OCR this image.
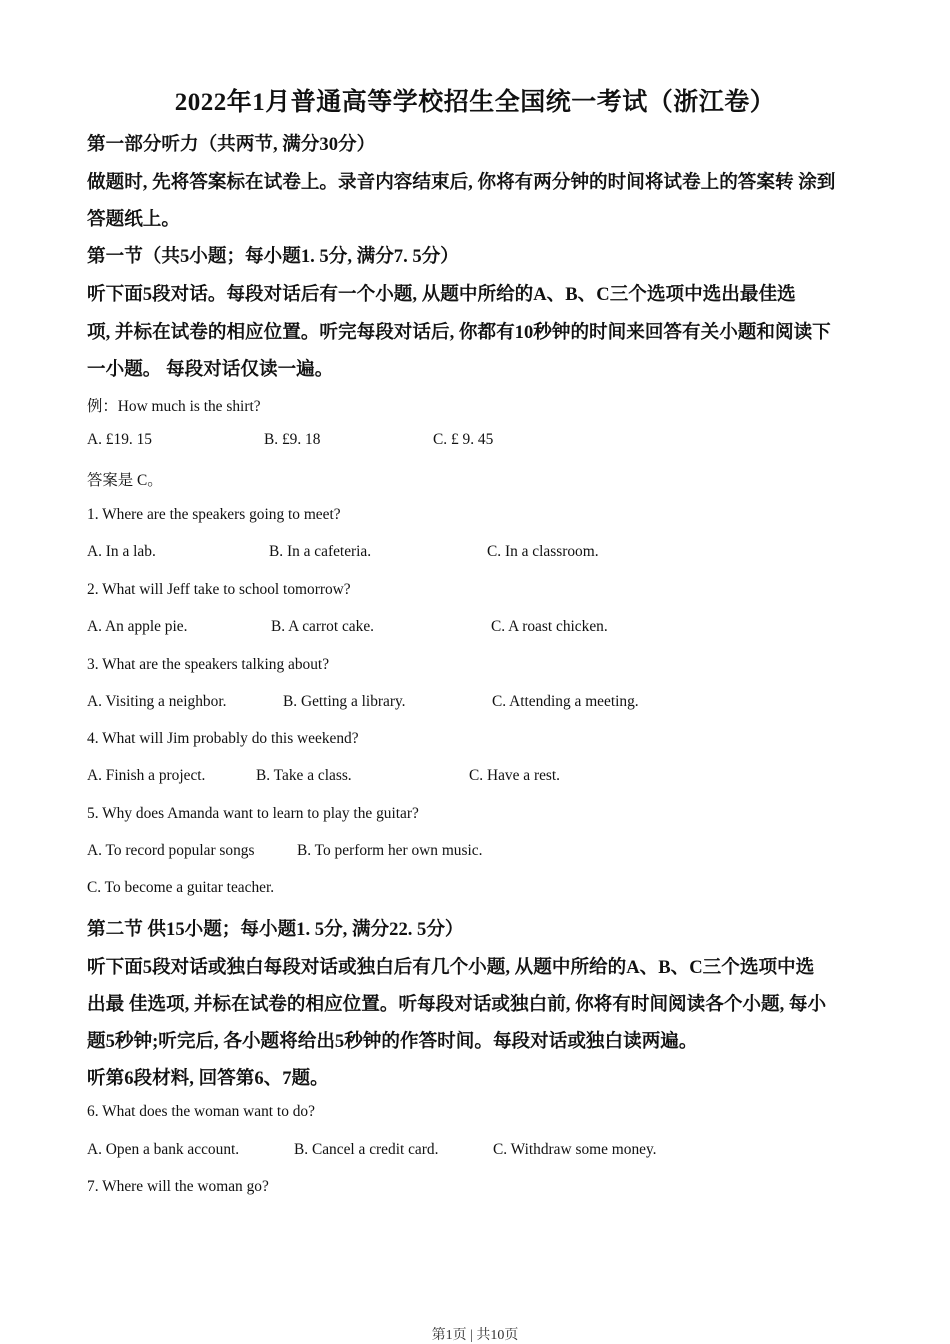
2022年1月普通高等学校招生全国统一考试（浙江卷）
第一部分听力（共两节, 满分30分）
做题时, 先将答案标在试卷上。录音内容结束后, 你将有两分钟的时间将试卷上的答案转 涂到
答题纸上。
第一节（共5小题；每小题1. 5分, 满分7. 5分）
听下面5段对话。每段对话后有一个小题, 从题中所给的A、B、C三个选项中选出最佳选
项, 并标在试卷的相应位置。听完每段对话后, 你都有10秒钟的时间来回答有关小题和阅读下
一小题。 每段对话仅读一遍。
例：How much is the shirt?
A. £19. 15	B. £9. 18	C. £ 9. 45
答案是 C。
1. Where are the speakers going to meet?
A. In a lab.	B. In a cafeteria.	C. In a classroom.
2. What will Jeff take to school tomorrow?
A. An apple pie.	B. A carrot cake.	C. A roast chicken.
3. What are the speakers talking about?
A. Visiting a neighbor.	B. Getting a library.	C. Attending a meeting.
4. What will Jim probably do this weekend?
A. Finish a project.	B. Take a class.	C. Have a rest.
5. Why does Amanda want to learn to play the guitar?
A. To record popular songs	B. To perform her own music.
C. To become a guitar teacher.
第二节 供15小题；每小题1. 5分, 满分22. 5分）
听下面5段对话或独白每段对话或独白后有几个小题, 从题中所给的A、B、C三个选项中选
出最 佳选项, 并标在试卷的相应位置。听每段对话或独白前, 你将有时间阅读各个小题, 每小
题5秒钟;听完后, 各小题将给出5秒钟的作答时间。每段对话或独白读两遍。
听第6段材料, 回答第6、7题。
6. What does the woman want to do?
A. Open a bank account.	B. Cancel a credit card.	C. Withdraw some money.
7. Where will the woman go?
第1页 | 共10页
